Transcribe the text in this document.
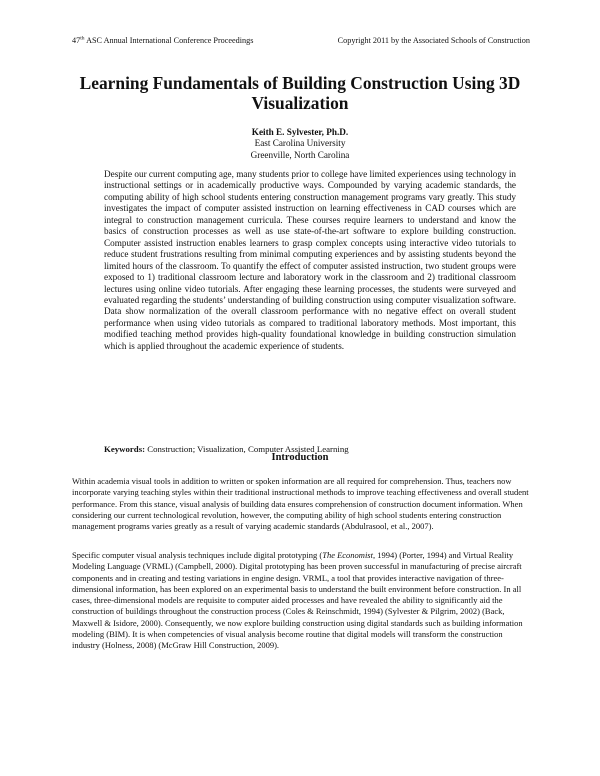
47th ASC Annual International Conference Proceedings	Copyright 2011 by the Associated Schools of Construction
Learning Fundamentals of Building Construction Using 3D
Visualization
Keith E. Sylvester, Ph.D.
East Carolina University
Greenville, North Carolina
Despite our current computing age, many students prior to college have limited experiences using technology in instructional settings or in academically productive ways. Compounded by varying academic standards, the computing ability of high school students entering construction management programs vary greatly. This study investigates the impact of computer assisted instruction on learning effectiveness in CAD courses which are integral to construction management curricula. These courses require learners to understand and know the basics of construction processes as well as use state-of-the-art software to explore building construction. Computer assisted instruction enables learners to grasp complex concepts using interactive video tutorials to reduce student frustrations resulting from minimal computing experiences and by assisting students beyond the limited hours of the classroom. To quantify the effect of computer assisted instruction, two student groups were exposed to 1) traditional classroom lecture and laboratory work in the classroom and 2) traditional classroom lectures using online video tutorials. After engaging these learning processes, the students were surveyed and evaluated regarding the students’ understanding of building construction using computer visualization software. Data show normalization of the overall classroom performance with no negative effect on overall student performance when using video tutorials as compared to traditional laboratory methods. Most important, this modified teaching method provides high-quality foundational knowledge in building construction simulation which is applied throughout the academic experience of students.
Keywords: Construction; Visualization, Computer Assisted Learning
Introduction
Within academia visual tools in addition to written or spoken information are all required for comprehension. Thus, teachers now incorporate varying teaching styles within their traditional instructional methods to improve teaching effectiveness and overall student performance. From this stance, visual analysis of building data ensures comprehension of construction document information. When considering our current technological revolution, however, the computing ability of high school students entering construction management programs varies greatly as a result of varying academic standards (Abdulrasool, et al., 2007).
Specific computer visual analysis techniques include digital prototyping (The Economist, 1994) (Porter, 1994) and Virtual Reality Modeling Language (VRML) (Campbell, 2000). Digital prototyping has been proven successful in manufacturing of precise aircraft components and in creating and testing variations in engine design. VRML, a tool that provides interactive navigation of three-dimensional information, has been explored on an experimental basis to understand the built environment before construction. In all cases, three-dimensional models are requisite to computer aided processes and have revealed the ability to significantly aid the construction of buildings throughout the construction process (Coles & Reinschmidt, 1994) (Sylvester & Pilgrim, 2002) (Back, Maxwell & Isidore, 2000). Consequently, we now explore building construction using digital standards such as building information modeling (BIM). It is when competencies of visual analysis become routine that digital models will transform the construction industry (Holness, 2008) (McGraw Hill Construction, 2009).
